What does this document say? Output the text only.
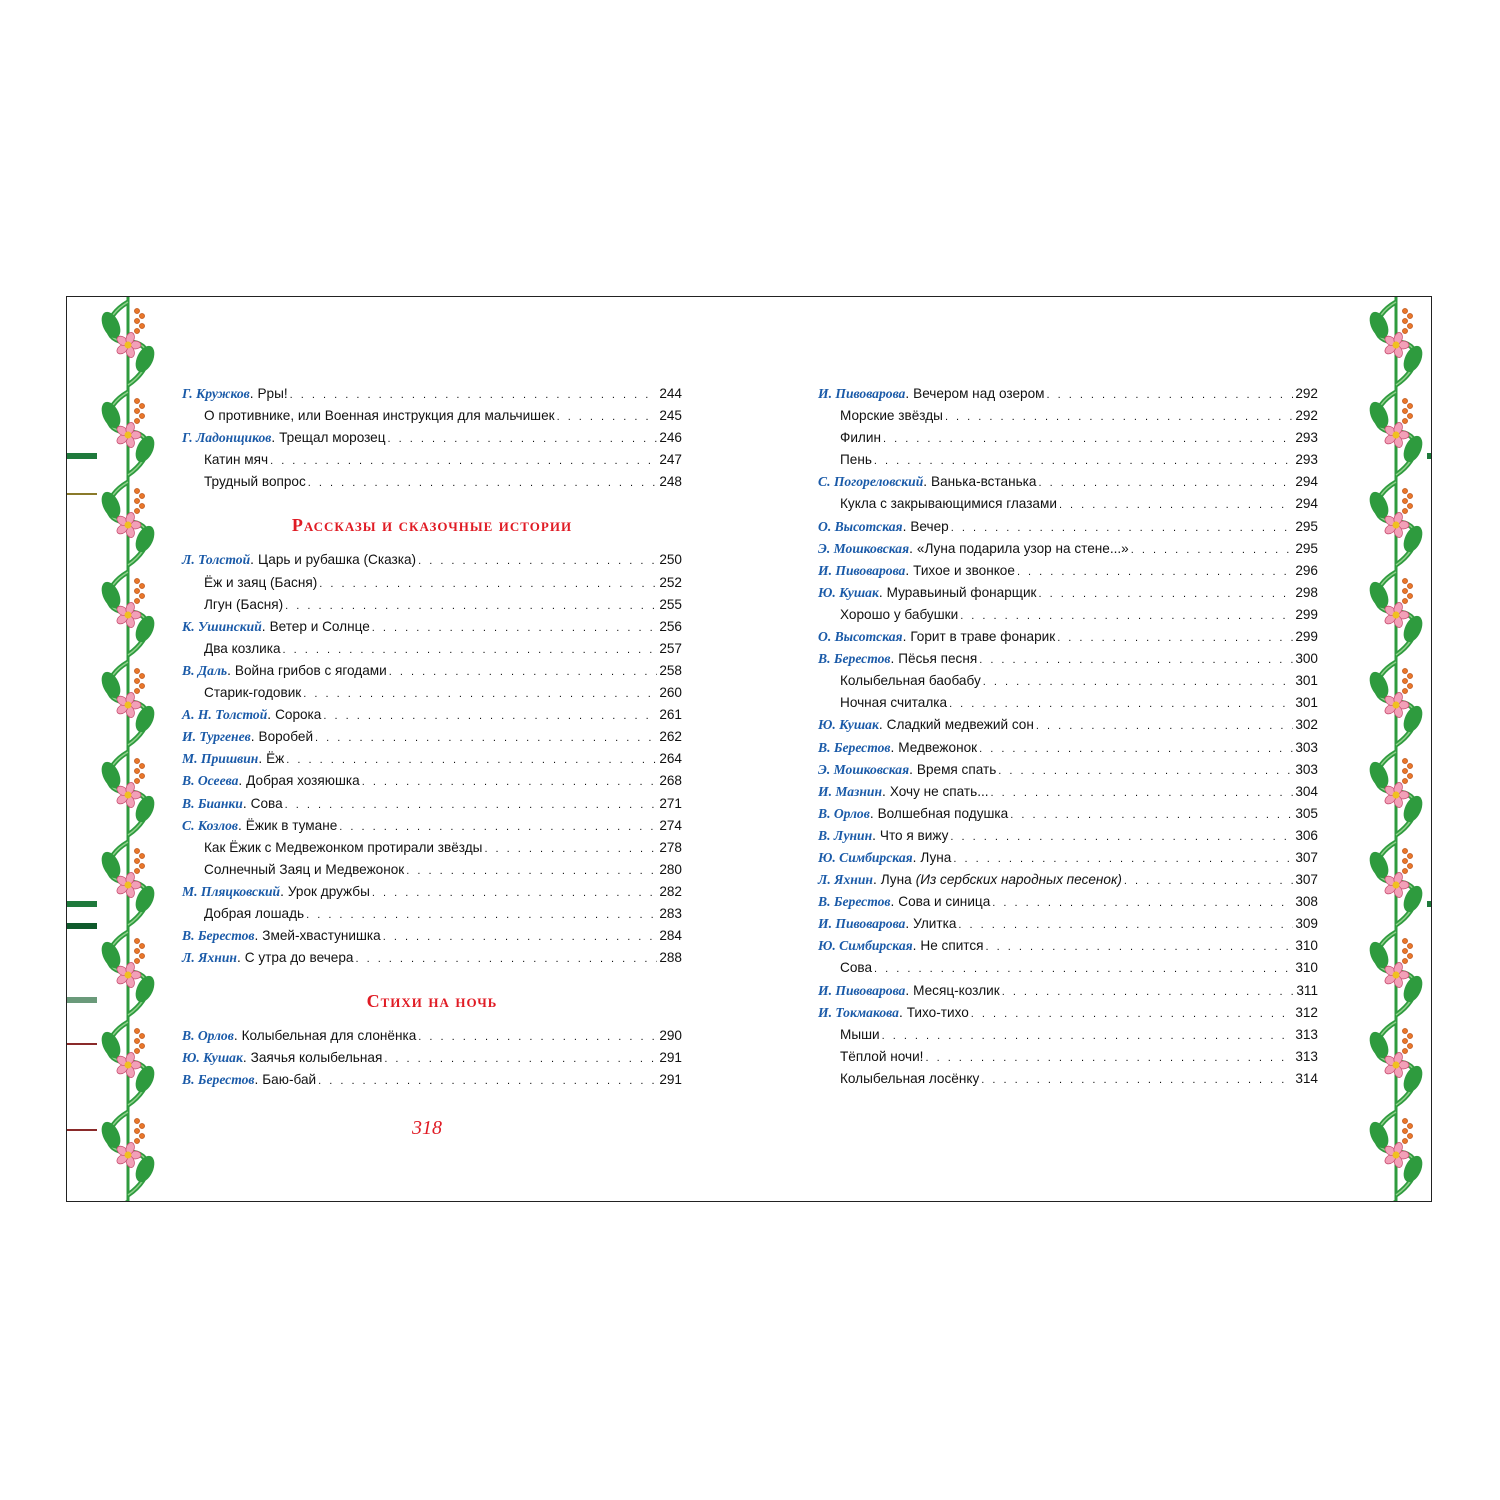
Г. Кружков . Рры! . . .	244
О противнике, или Военная инструкция для мальчишек . . .	245
Г. Ладонщиков . Трещал морозец . . .	246
Катин мяч . . .	247
Трудный вопрос . . .	248
Рассказы и сказочные истории
Л. Толстой . Царь и рубашка (Сказка) . . .	250
Ёж и заяц (Басня) . . .	252
Лгун (Басня) . . .	255
К. Ушинский . Ветер и Солнце . . .	256
Два козлика . . .	257
В. Даль . Война грибов с ягодами . . .	258
Старик-годовик . . .	260
А. Н. Толстой . Сорока . . .	261
И. Тургенев . Воробей . . .	262
М. Пришвин . Ёж . . .	264
В. Осеева . Добрая хозяюшка . . .	268
В. Бианки . Сова . . .	271
С. Козлов . Ёжик в тумане . . .	274
Как Ёжик с Медвежонком протирали звёзды . . .	278
Солнечный Заяц и Медвежонок . . .	280
М. Пляцковский . Урок дружбы . . .	282
Добрая лошадь . . .	283
В. Берестов . Змей-хвастунишка . . .	284
Л. Яхнин . С утра до вечера . . .	288
Стихи на ночь
В. Орлов . Колыбельная для слонёнка . . .	290
Ю. Кушак . Заячья колыбельная . . .	291
В. Берестов . Баю-бай . . .	291
318
И. Пивоварова . Вечером над озером . . .	292
Морские звёзды . . .	292
Филин . . .	293
Пень . . .	293
С. Погореловский . Ванька-встанька . . .	294
Кукла с закрывающимися глазами . . .	294
О. Высотская . Вечер . . .	295
Э. Мошковская . «Луна подарила узор на стене...» . . .	295
И. Пивоварова . Тихое и звонкое . . .	296
Ю. Кушак . Муравьиный фонарщик . . .	298
Хорошо у бабушки . . .	299
О. Высотская . Горит в траве фонарик . . .	299
В. Берестов . Пёсья песня . . .	300
Колыбельная баобабу . . .	301
Ночная считалка . . .	301
Ю. Кушак . Сладкий медвежий сон . . .	302
В. Берестов . Медвежонок . . .	303
Э. Мошковская . Время спать . . .	303
И. Мазнин . Хочу не спать... . . .	304
В. Орлов . Волшебная подушка . . .	305
В. Лунин . Что я вижу . . .	306
Ю. Симбирская . Луна . . .	307
Л. Яхнин . Луна (Из сербских народных песенок) . . .	307
В. Берестов . Сова и синица . . .	308
И. Пивоварова . Улитка . . .	309
Ю. Симбирская . Не спится . . .	310
Сова . . .	310
И. Пивоварова . Месяц-козлик . . .	311
И. Токмакова . Тихо-тихо . . .	312
Мыши . . .	313
Тёплой ночи! . . .	313
Колыбельная лосёнку . . .	314
